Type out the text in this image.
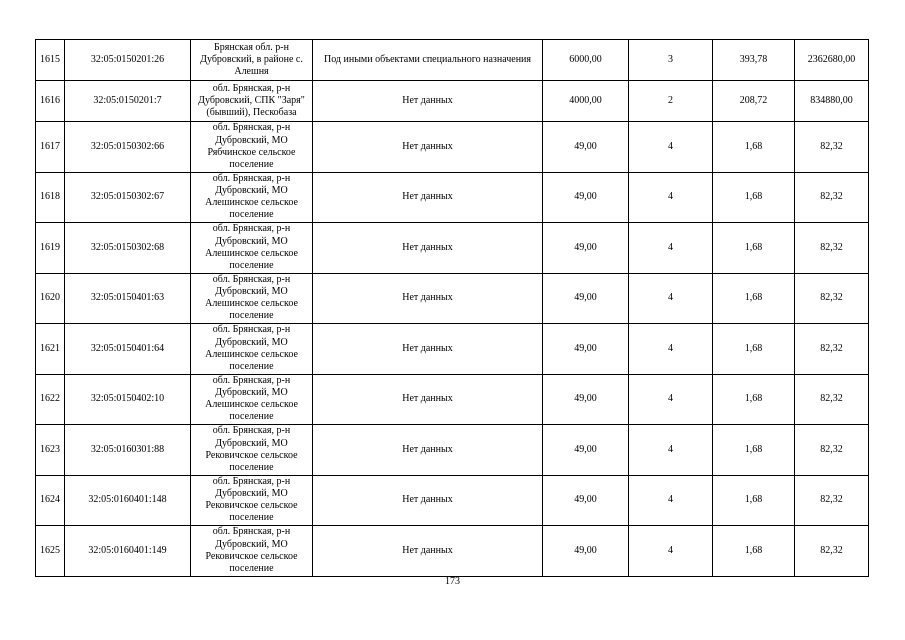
1615	32:05:0150201:26	Брянская обл. р-н Дубровский, в районе с. Алешня	Под иными объектами специального назначения	6000,00	3	393,78	2362680,00
1616	32:05:0150201:7	обл. Брянская, р-н Дубровский, СПК "Заря" (бывший), Пескобаза	Нет данных	4000,00	2	208,72	834880,00
1617	32:05:0150302:66	обл. Брянская, р-н Дубровский, МО Рябчинское сельское поселение	Нет данных	49,00	4	1,68	82,32
1618	32:05:0150302:67	обл. Брянская, р-н Дубровский, МО Алешинское сельское поселение	Нет данных	49,00	4	1,68	82,32
1619	32:05:0150302:68	обл. Брянская, р-н Дубровский, МО Алешинское сельское поселение	Нет данных	49,00	4	1,68	82,32
1620	32:05:0150401:63	обл. Брянская, р-н Дубровский, МО Алешинское сельское поселение	Нет данных	49,00	4	1,68	82,32
1621	32:05:0150401:64	обл. Брянская, р-н Дубровский, МО Алешинское сельское поселение	Нет данных	49,00	4	1,68	82,32
1622	32:05:0150402:10	обл. Брянская, р-н Дубровский, МО Алешинское сельское поселение	Нет данных	49,00	4	1,68	82,32
1623	32:05:0160301:88	обл. Брянская, р-н Дубровский, МО Рековичское сельское поселение	Нет данных	49,00	4	1,68	82,32
1624	32:05:0160401:148	обл. Брянская, р-н Дубровский, МО Рековичское сельское поселение	Нет данных	49,00	4	1,68	82,32
1625	32:05:0160401:149	обл. Брянская, р-н Дубровский, МО Рековичское сельское поселение	Нет данных	49,00	4	1,68	82,32
173
